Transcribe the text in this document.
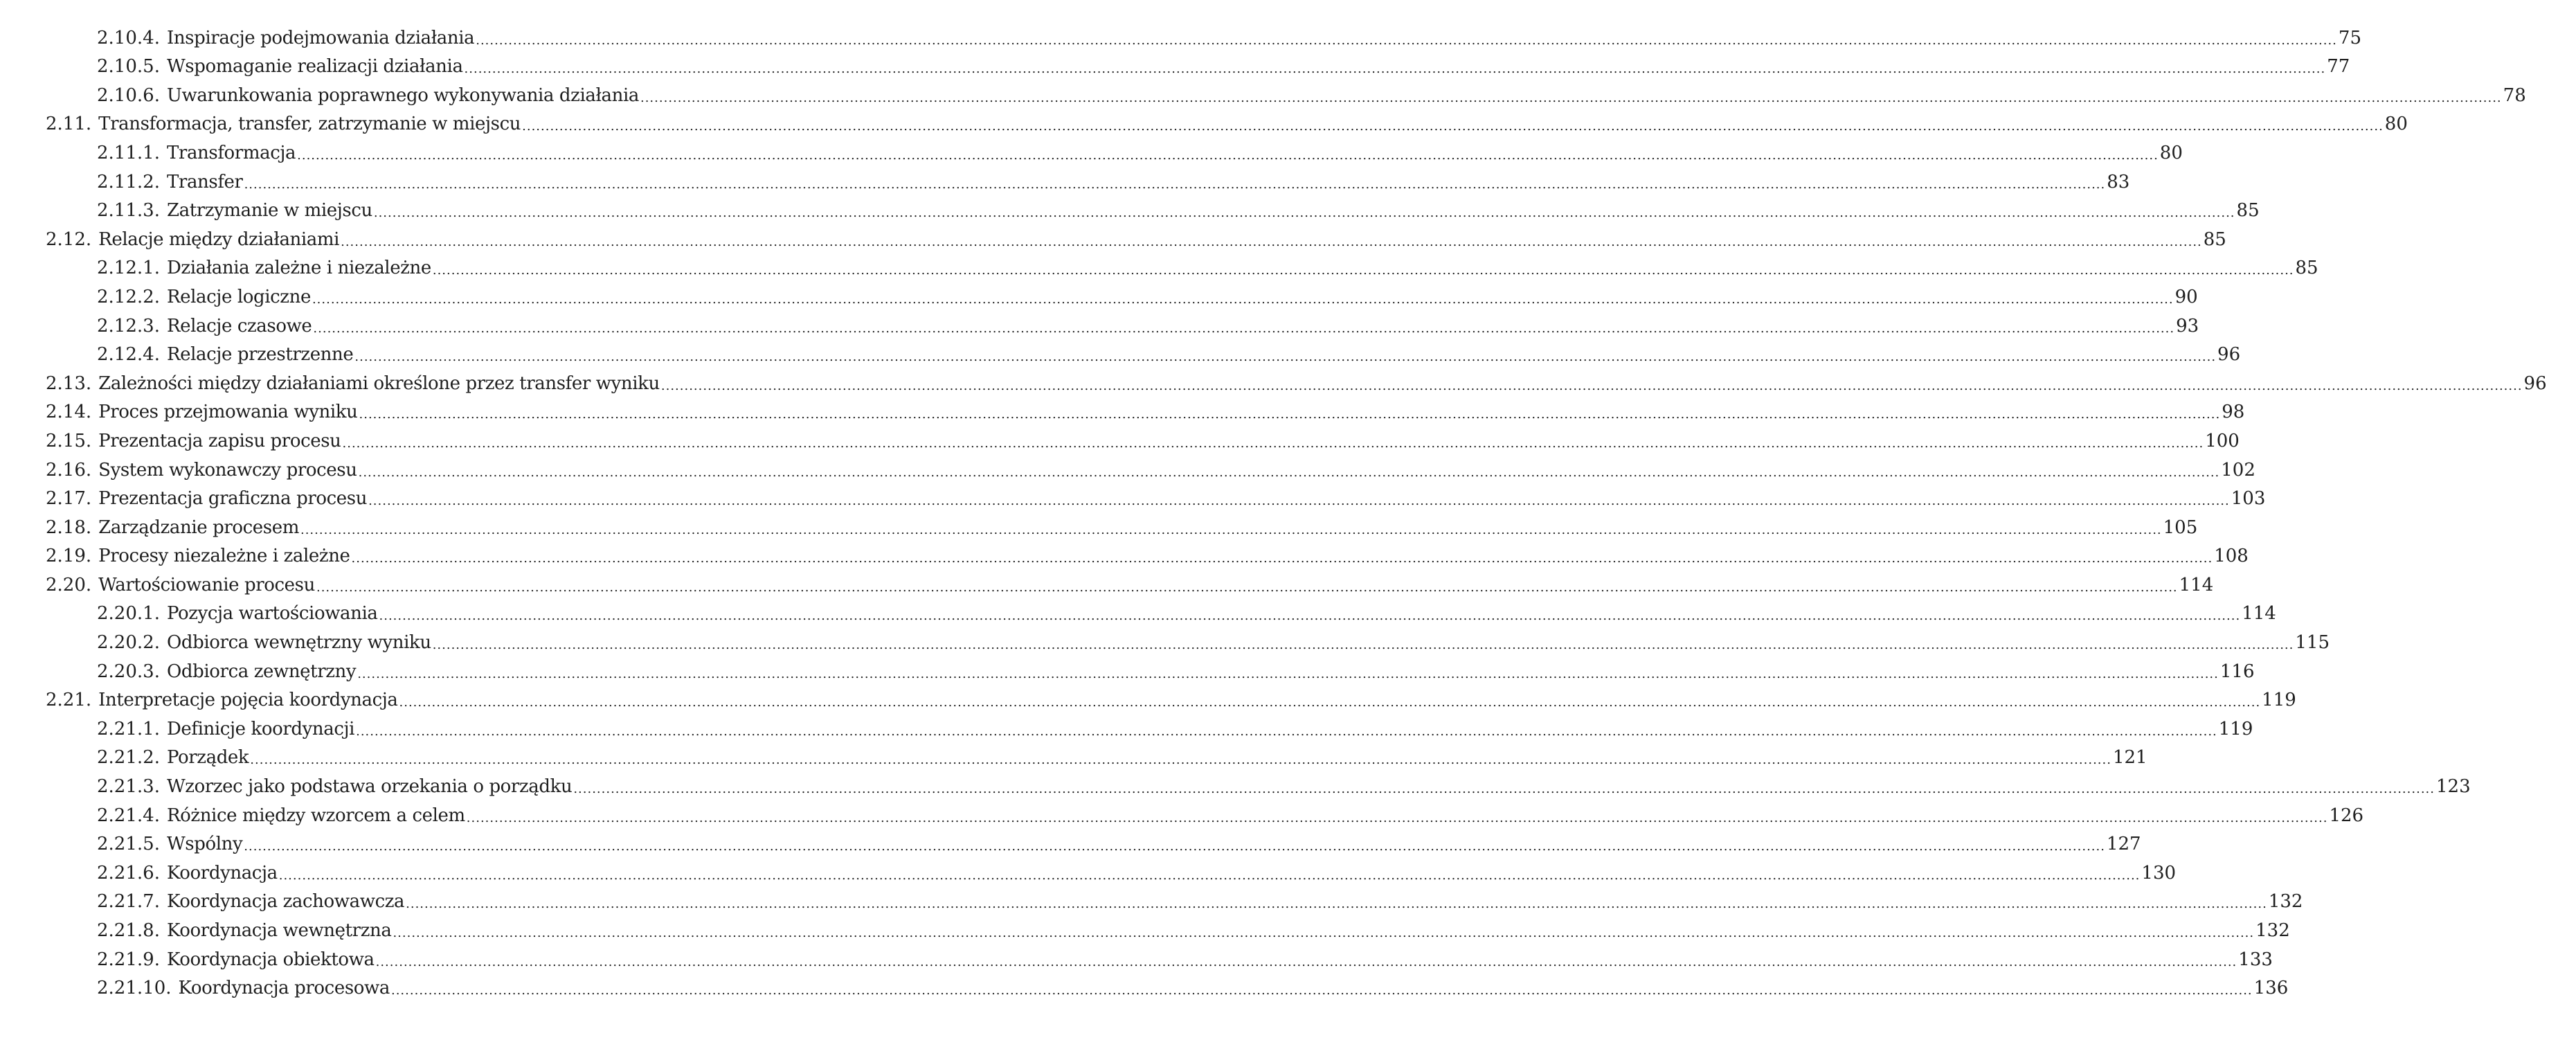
2.10.4. Inspiracje podejmowania działania ................................................................................................................................................................................................................................................................................................................................................................................................................ 75
2.10.5. Wspomaganie realizacji działania ................................................................................................................................................................................................................................................................................................................................................................................................................ 77
2.10.6. Uwarunkowania poprawnego wykonywania działania ................................................................................................................................................................................................................................................................................................................................................................................................................ 78
2.11. Transformacja, transfer, zatrzymanie w miejscu ................................................................................................................................................................................................................................................................................................................................................................................................................ 80
2.11.1. Transformacja ................................................................................................................................................................................................................................................................................................................................................................................................................ 80
2.11.2. Transfer ................................................................................................................................................................................................................................................................................................................................................................................................................ 83
2.11.3. Zatrzymanie w miejscu ................................................................................................................................................................................................................................................................................................................................................................................................................ 85
2.12. Relacje między działaniami ................................................................................................................................................................................................................................................................................................................................................................................................................ 85
2.12.1. Działania zależne i niezależne ................................................................................................................................................................................................................................................................................................................................................................................................................ 85
2.12.2. Relacje logiczne ................................................................................................................................................................................................................................................................................................................................................................................................................ 90
2.12.3. Relacje czasowe ................................................................................................................................................................................................................................................................................................................................................................................................................ 93
2.12.4. Relacje przestrzenne ................................................................................................................................................................................................................................................................................................................................................................................................................ 96
2.13. Zależności między działaniami określone przez transfer wyniku ................................................................................................................................................................................................................................................................................................................................................................................................................ 96
2.14. Proces przejmowania wyniku ................................................................................................................................................................................................................................................................................................................................................................................................................ 98
2.15. Prezentacja zapisu procesu ................................................................................................................................................................................................................................................................................................................................................................................................................ 100
2.16. System wykonawczy procesu ................................................................................................................................................................................................................................................................................................................................................................................................................ 102
2.17. Prezentacja graficzna procesu ................................................................................................................................................................................................................................................................................................................................................................................................................ 103
2.18. Zarządzanie procesem ................................................................................................................................................................................................................................................................................................................................................................................................................ 105
2.19. Procesy niezależne i zależne ................................................................................................................................................................................................................................................................................................................................................................................................................ 108
2.20. Wartościowanie procesu ................................................................................................................................................................................................................................................................................................................................................................................................................ 114
2.20.1. Pozycja wartościowania ................................................................................................................................................................................................................................................................................................................................................................................................................ 114
2.20.2. Odbiorca wewnętrzny wyniku ................................................................................................................................................................................................................................................................................................................................................................................................................ 115
2.20.3. Odbiorca zewnętrzny ................................................................................................................................................................................................................................................................................................................................................................................................................ 116
2.21. Interpretacje pojęcia koordynacja ................................................................................................................................................................................................................................................................................................................................................................................................................ 119
2.21.1. Definicje koordynacji ................................................................................................................................................................................................................................................................................................................................................................................................................ 119
2.21.2. Porządek ................................................................................................................................................................................................................................................................................................................................................................................................................ 121
2.21.3. Wzorzec jako podstawa orzekania o porządku ................................................................................................................................................................................................................................................................................................................................................................................................................ 123
2.21.4. Różnice między wzorcem a celem ................................................................................................................................................................................................................................................................................................................................................................................................................ 126
2.21.5. Wspólny ................................................................................................................................................................................................................................................................................................................................................................................................................ 127
2.21.6. Koordynacja ................................................................................................................................................................................................................................................................................................................................................................................................................ 130
2.21.7. Koordynacja zachowawcza ................................................................................................................................................................................................................................................................................................................................................................................................................ 132
2.21.8. Koordynacja wewnętrzna ................................................................................................................................................................................................................................................................................................................................................................................................................ 132
2.21.9. Koordynacja obiektowa ................................................................................................................................................................................................................................................................................................................................................................................................................ 133
2.21.10. Koordynacja procesowa ................................................................................................................................................................................................................................................................................................................................................................................................................ 136
